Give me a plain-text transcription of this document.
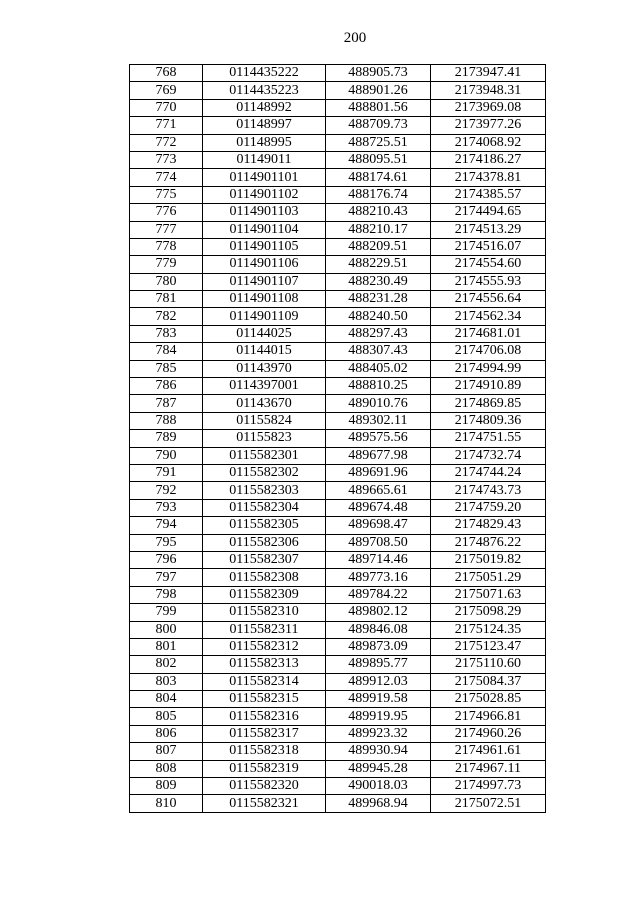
200
768	0114435222	488905.73	2173947.41
769	0114435223	488901.26	2173948.31
770	01148992	488801.56	2173969.08
771	01148997	488709.73	2173977.26
772	01148995	488725.51	2174068.92
773	01149011	488095.51	2174186.27
774	0114901101	488174.61	2174378.81
775	0114901102	488176.74	2174385.57
776	0114901103	488210.43	2174494.65
777	0114901104	488210.17	2174513.29
778	0114901105	488209.51	2174516.07
779	0114901106	488229.51	2174554.60
780	0114901107	488230.49	2174555.93
781	0114901108	488231.28	2174556.64
782	0114901109	488240.50	2174562.34
783	01144025	488297.43	2174681.01
784	01144015	488307.43	2174706.08
785	01143970	488405.02	2174994.99
786	0114397001	488810.25	2174910.89
787	01143670	489010.76	2174869.85
788	01155824	489302.11	2174809.36
789	01155823	489575.56	2174751.55
790	0115582301	489677.98	2174732.74
791	0115582302	489691.96	2174744.24
792	0115582303	489665.61	2174743.73
793	0115582304	489674.48	2174759.20
794	0115582305	489698.47	2174829.43
795	0115582306	489708.50	2174876.22
796	0115582307	489714.46	2175019.82
797	0115582308	489773.16	2175051.29
798	0115582309	489784.22	2175071.63
799	0115582310	489802.12	2175098.29
800	0115582311	489846.08	2175124.35
801	0115582312	489873.09	2175123.47
802	0115582313	489895.77	2175110.60
803	0115582314	489912.03	2175084.37
804	0115582315	489919.58	2175028.85
805	0115582316	489919.95	2174966.81
806	0115582317	489923.32	2174960.26
807	0115582318	489930.94	2174961.61
808	0115582319	489945.28	2174967.11
809	0115582320	490018.03	2174997.73
810	0115582321	489968.94	2175072.51
